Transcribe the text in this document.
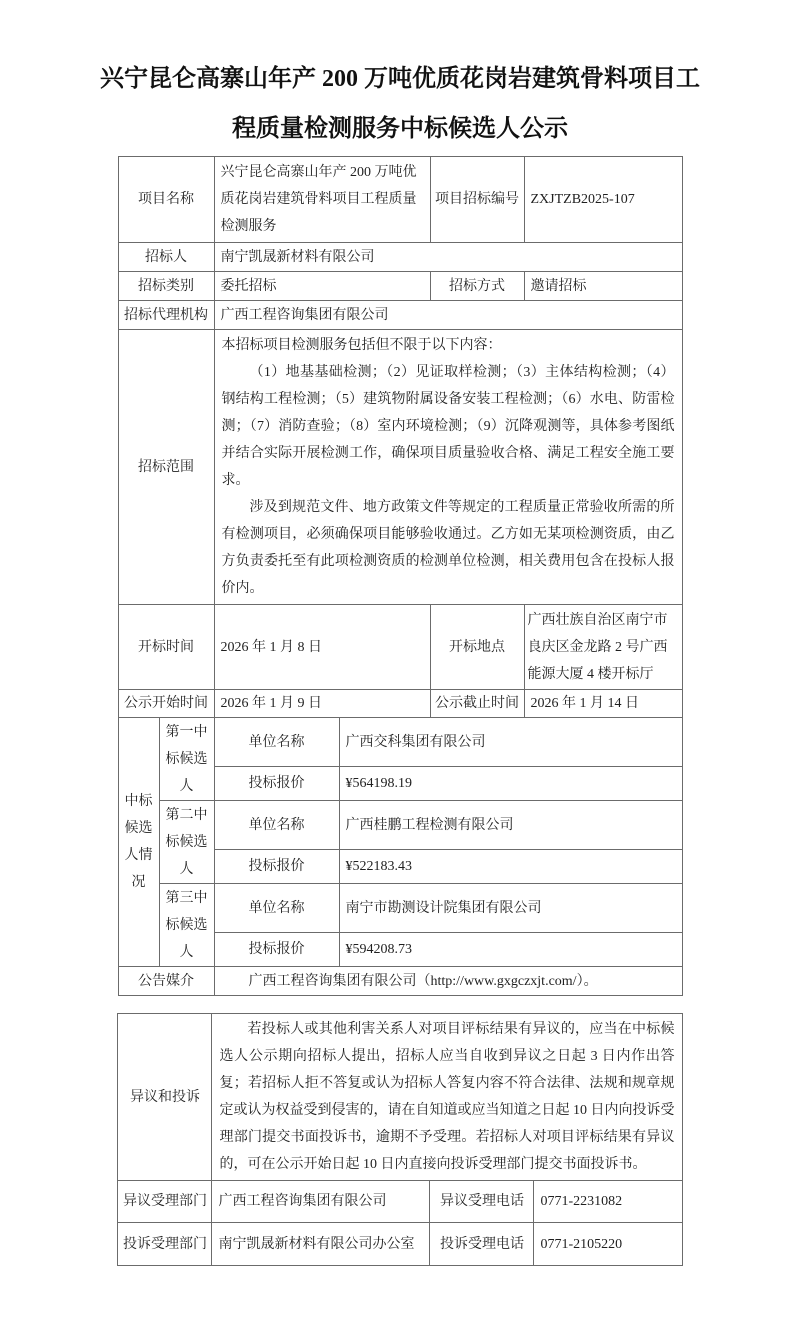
兴宁昆仑高寨山年产 200 万吨优质花岗岩建筑骨料项目工程质量检测服务中标候选人公示
项目名称		兴宁昆仑高寨山年产 200 万吨优质花岗岩建筑骨料项目工程质量检测服务		项目招标编号	ZXJTZB2025-107
招标人		南宁凯晟新材料有限公司			
招标类别		委托招标		招标方式	邀请招标
招标代理机构		广西工程咨询集团有限公司			
招标范围		本招标项目检测服务包括但不限于以下内容：

（1）地基基础检测；（2）见证取样检测；（3）主体结构检测；（4）钢结构工程检测；（5）建筑物附属设备安装工程检测；（6）水电、防雷检测；（7）消防查验；（8）室内环境检测；（9）沉降观测等，具体参考图纸并结合实际开展检测工作，确保项目质量验收合格、满足工程安全施工要求。

涉及到规范文件、地方政策文件等规定的工程质量正常验收所需的所有检测项目，必须确保项目能够验收通过。乙方如无某项检测资质，由乙方负责委托至有此项检测资质的检测单位检测，相关费用包含在投标人报价内。			

开标时间		2026 年 1 月 8 日		开标地点	广西壮族自治区南宁市良庆区金龙路 2 号广西能源大厦 4 楼开标厅
公示开始时间		2026 年 1 月 9 日		公示截止时间	2026 年 1 月 14 日
中标候选人情况	第一中标候选人	单位名称	广西交科集团有限公司		
		投标报价	¥564198.19		
	第二中标候选人	单位名称	广西桂鹏工程检测有限公司		
		投标报价	¥522183.43		
	第三中标候选人	单位名称	南宁市勘测设计院集团有限公司		
		投标报价	¥594208.73		
公告媒介		广西工程咨询集团有限公司（http://www.gxgczxjt.com/）。			
异议和投诉	若投标人或其他利害关系人对项目评标结果有异议的，应当在中标候选人公示期向招标人提出，招标人应当自收到异议之日起 3 日内作出答复；若招标人拒不答复或认为招标人答复内容不符合法律、法规和规章规定或认为权益受到侵害的，请在自知道或应当知道之日起 10 日内向投诉受理部门提交书面投诉书，逾期不予受理。若招标人对项目评标结果有异议的，可在公示开始日起 10 日内直接向投诉受理部门提交书面投诉书。		

异议受理部门	广西工程咨询集团有限公司	异议受理电话	0771-2231082
投诉受理部门	南宁凯晟新材料有限公司办公室	投诉受理电话	0771-2105220
